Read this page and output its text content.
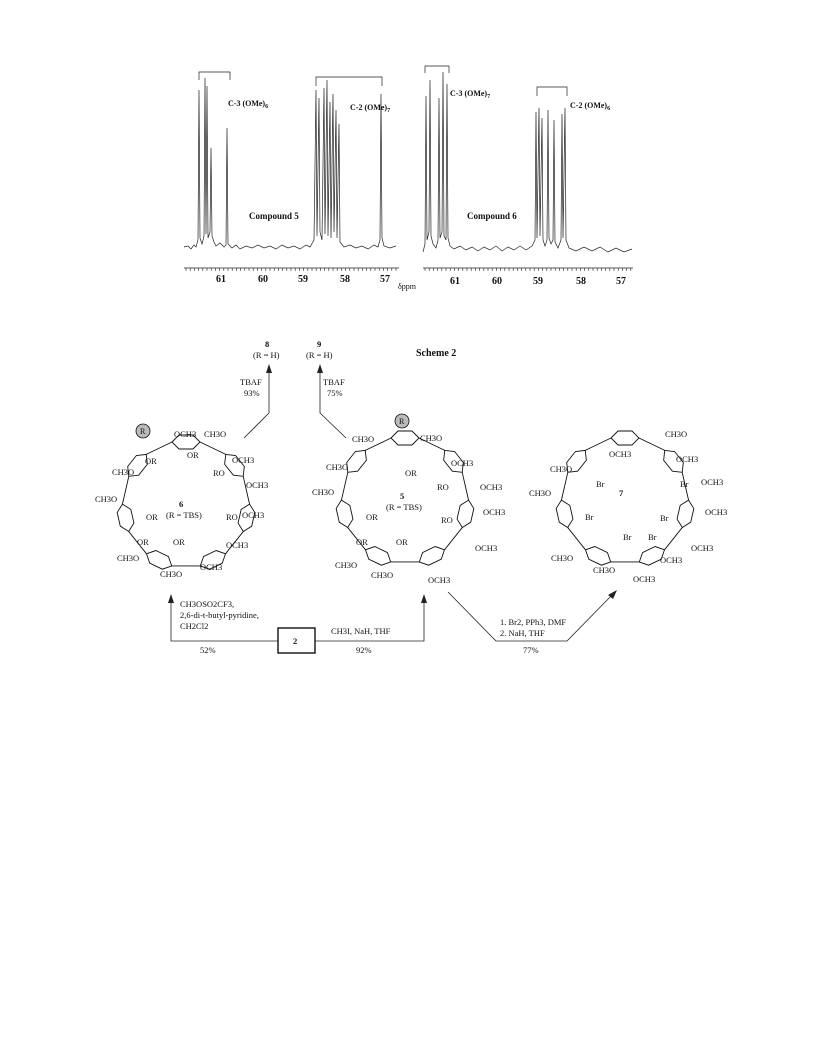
C-3 $(OMe)_6$	C-2 $(OMe)_7$
Compound 5
61	60	59	58	57
δppm
C-3 $(OMe)_7$
C-2 $(OMe)_6$
Compound 6
61	60	59	58	57
Scheme 2
8
(R = H)
9
(R = H)
TBAF
93%
TBAF
75%
R
R
6
(R = TBS)
5
(R = TBS)
7
2
CH3OSO2CF3,
2,6-di-t-butyl-pyridine,
CH2Cl2
52%
CH3I, NaH, THF
92%
1. Br2, PPh3, DMF
2. NaH, THF
77%
OCH3 CH3O
OCH3
OCH3
OCH3
OCH3
OCH3
CH3O
CH3O
CH3O
CH3O
OR
OR
RO
RO
OR
OR
OR
CH3O	CH3O
OCH3
OCH3
OCH3
OCH3
OCH3
CH3O
CH3O
CH3O
CH3O
OR
RO
RO
OR
OR
OR
CH3O
OCH3
OCH3
OCH3
OCH3
OCH3
OCH3
CH3O
CH3O
CH3O
CH3O
OCH3
Br	Br
Br
Br
Br Br
